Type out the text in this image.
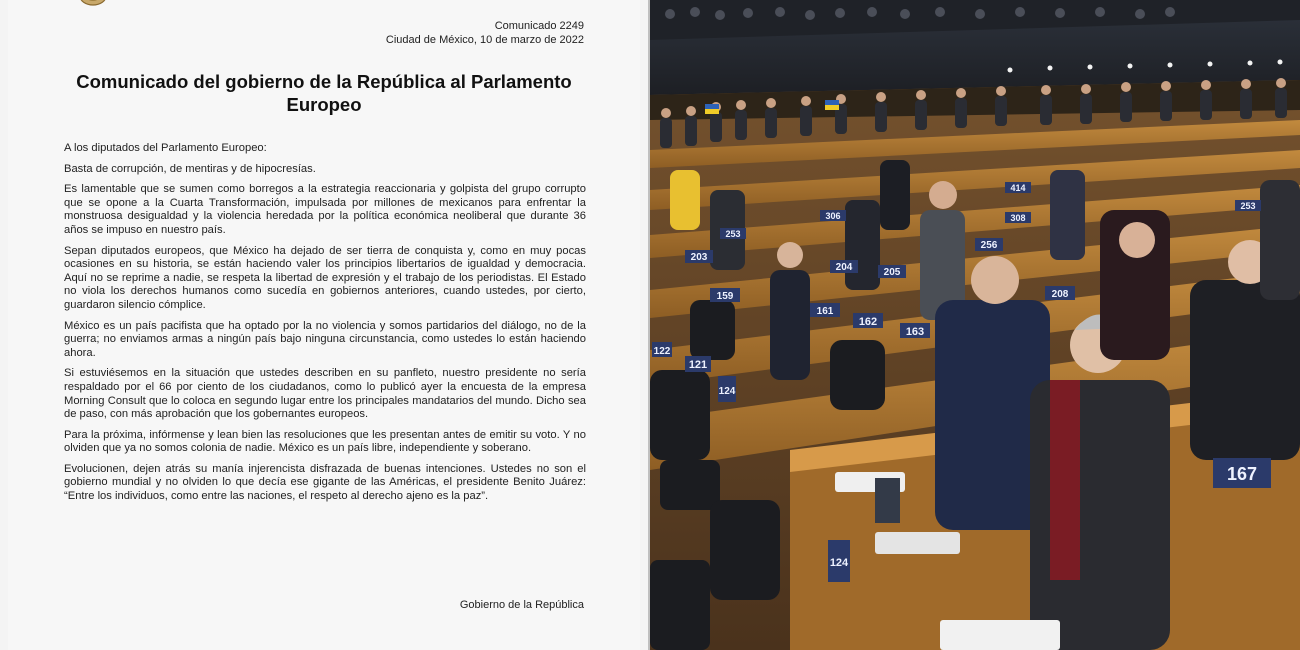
Comunicado 2249
Ciudad de México, 10 de marzo de 2022
Comunicado del gobierno de la República al Parlamento Europeo

A los diputados del Parlamento Europeo:

Basta de corrupción, de mentiras y de hipocresías.

Es lamentable que se sumen como borregos a la estrategia reaccionaria y golpista del grupo corrupto que se opone a la Cuarta Transformación, impulsada por millones de mexicanos para enfrentar la monstruosa desigualdad y la violencia heredada por la política económica neoliberal que durante 36 años se impuso en nuestro país.

Sepan diputados europeos, que México ha dejado de ser tierra de conquista y, como en muy pocas ocasiones en su historia, se están haciendo valer los principios libertarios de igualdad y democracia. Aquí no se reprime a nadie, se respeta la libertad de expresión y el trabajo de los periodistas. El Estado no viola los derechos humanos como sucedía en gobiernos anteriores, cuando ustedes, por cierto, guardaron silencio cómplice.

México es un país pacifista que ha optado por la no violencia y somos partidarios del diálogo, no de la guerra; no enviamos armas a ningún país bajo ninguna circunstancia, como ustedes lo están haciendo ahora.

Si estuviésemos en la situación que ustedes describen en su panfleto, nuestro presidente no sería respaldado por el 66 por ciento de los ciudadanos, como lo publicó ayer la encuesta de la empresa Morning Consult que lo coloca en segundo lugar entre los principales mandatarios del mundo. Dicho sea de paso, con más aprobación que los gobernantes europeos.

Para la próxima, infórmense y lean bien las resoluciones que les presentan antes de emitir su voto. Y no olviden que ya no somos colonia de nadie. México es un país libre, independiente y soberano.

Evolucionen, dejen atrás su manía injerencista disfrazada de buenas intenciones. Ustedes no son el gobierno mundial y no olviden lo que decía ese gigante de las Américas, el presidente Benito Juárez: “Entre los individuos, como entre las naciones, el respeto al derecho ajeno es la paz”.

Gobierno de la República
414
308
306
253
253
256
203
204	205
208
159
161
162
163
122
121
124
124
167
